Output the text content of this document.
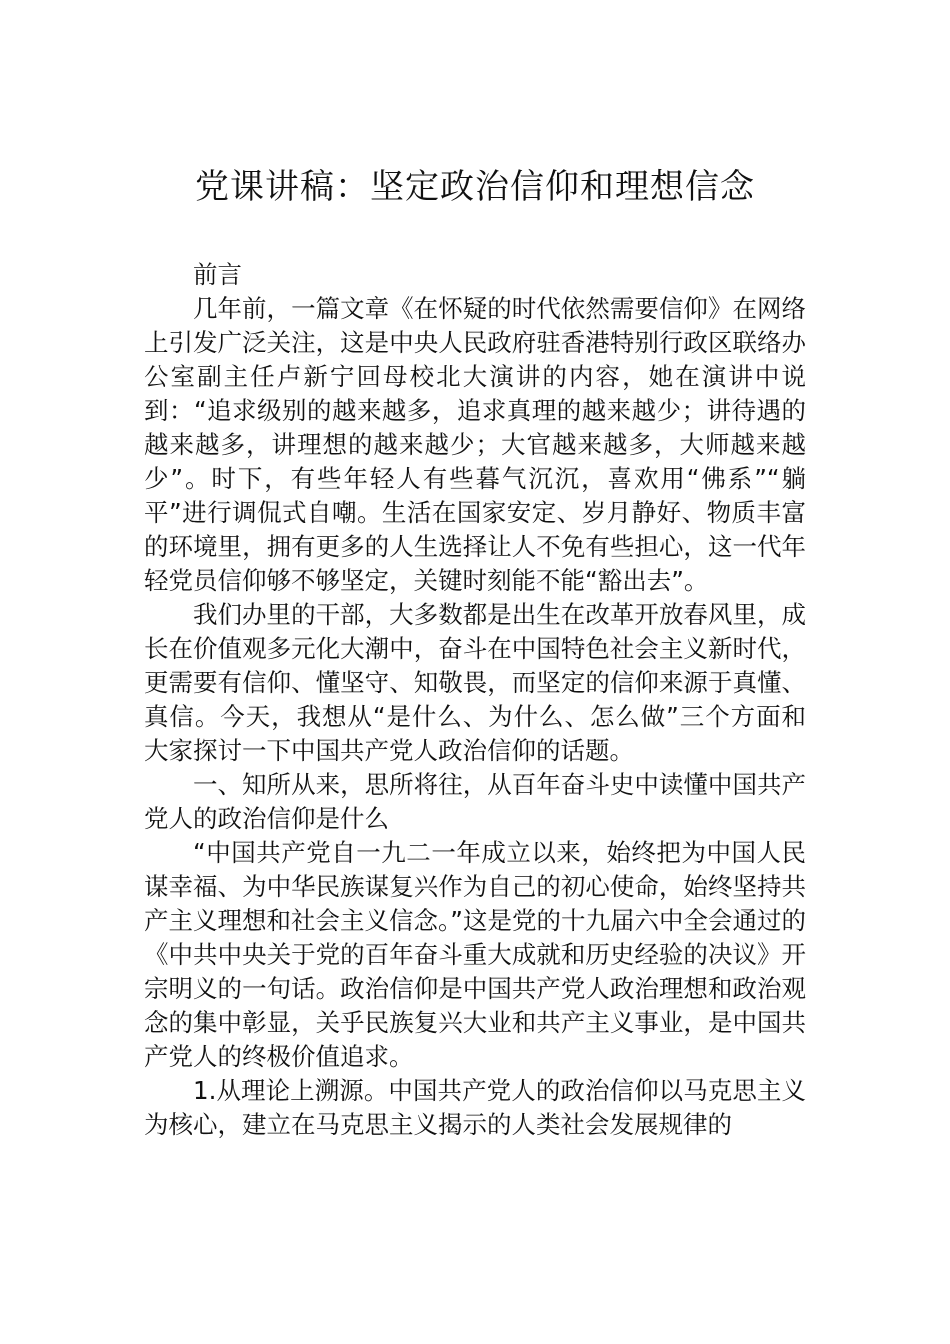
党课讲稿：坚定政治信仰和理想信念

前言

几年前，一篇文章《在怀疑的时代依然需要信仰》在网络上引发广泛关注，这是中央人民政府驻香港特别行政区联络办公室副主任卢新宁回母校北大演讲的内容，她在演讲中说到：“追求级别的越来越多，追求真理的越来越少；讲待遇的越来越多，讲理想的越来越少；大官越来越多，大师越来越少”。时下，有些年轻人有些暮气沉沉，喜欢用“佛系”“躺平”进行调侃式自嘲。生活在国家安定、岁月静好、物质丰富的环境里，拥有更多的人生选择让人不免有些担心，这一代年轻党员信仰够不够坚定，关键时刻能不能“豁出去”。

我们办里的干部，大多数都是出生在改革开放春风里，成长在价值观多元化大潮中，奋斗在中国特色社会主义新时代，更需要有信仰、懂坚守、知敬畏，而坚定的信仰来源于真懂、真信。今天，我想从“是什么、为什么、怎么做”三个方面和大家探讨一下中国共产党人政治信仰的话题。

一、知所从来，思所将往，从百年奋斗史中读懂中国共产党人的政治信仰是什么

“中国共产党自一九二一年成立以来，始终把为中国人民谋幸福、为中华民族谋复兴作为自己的初心使命，始终坚持共产主义理想和社会主义信念。”这是党的十九届六中全会通过的《中共中央关于党的百年奋斗重大成就和历史经验的决议》开宗明义的一句话。政治信仰是中国共产党人政治理想和政治观念的集中彰显，关乎民族复兴大业和共产主义事业，是中国共产党人的终极价值追求。

1.从理论上溯源。中国共产党人的政治信仰以马克思主义为核心，建立在马克思主义揭示的人类社会发展规律的
